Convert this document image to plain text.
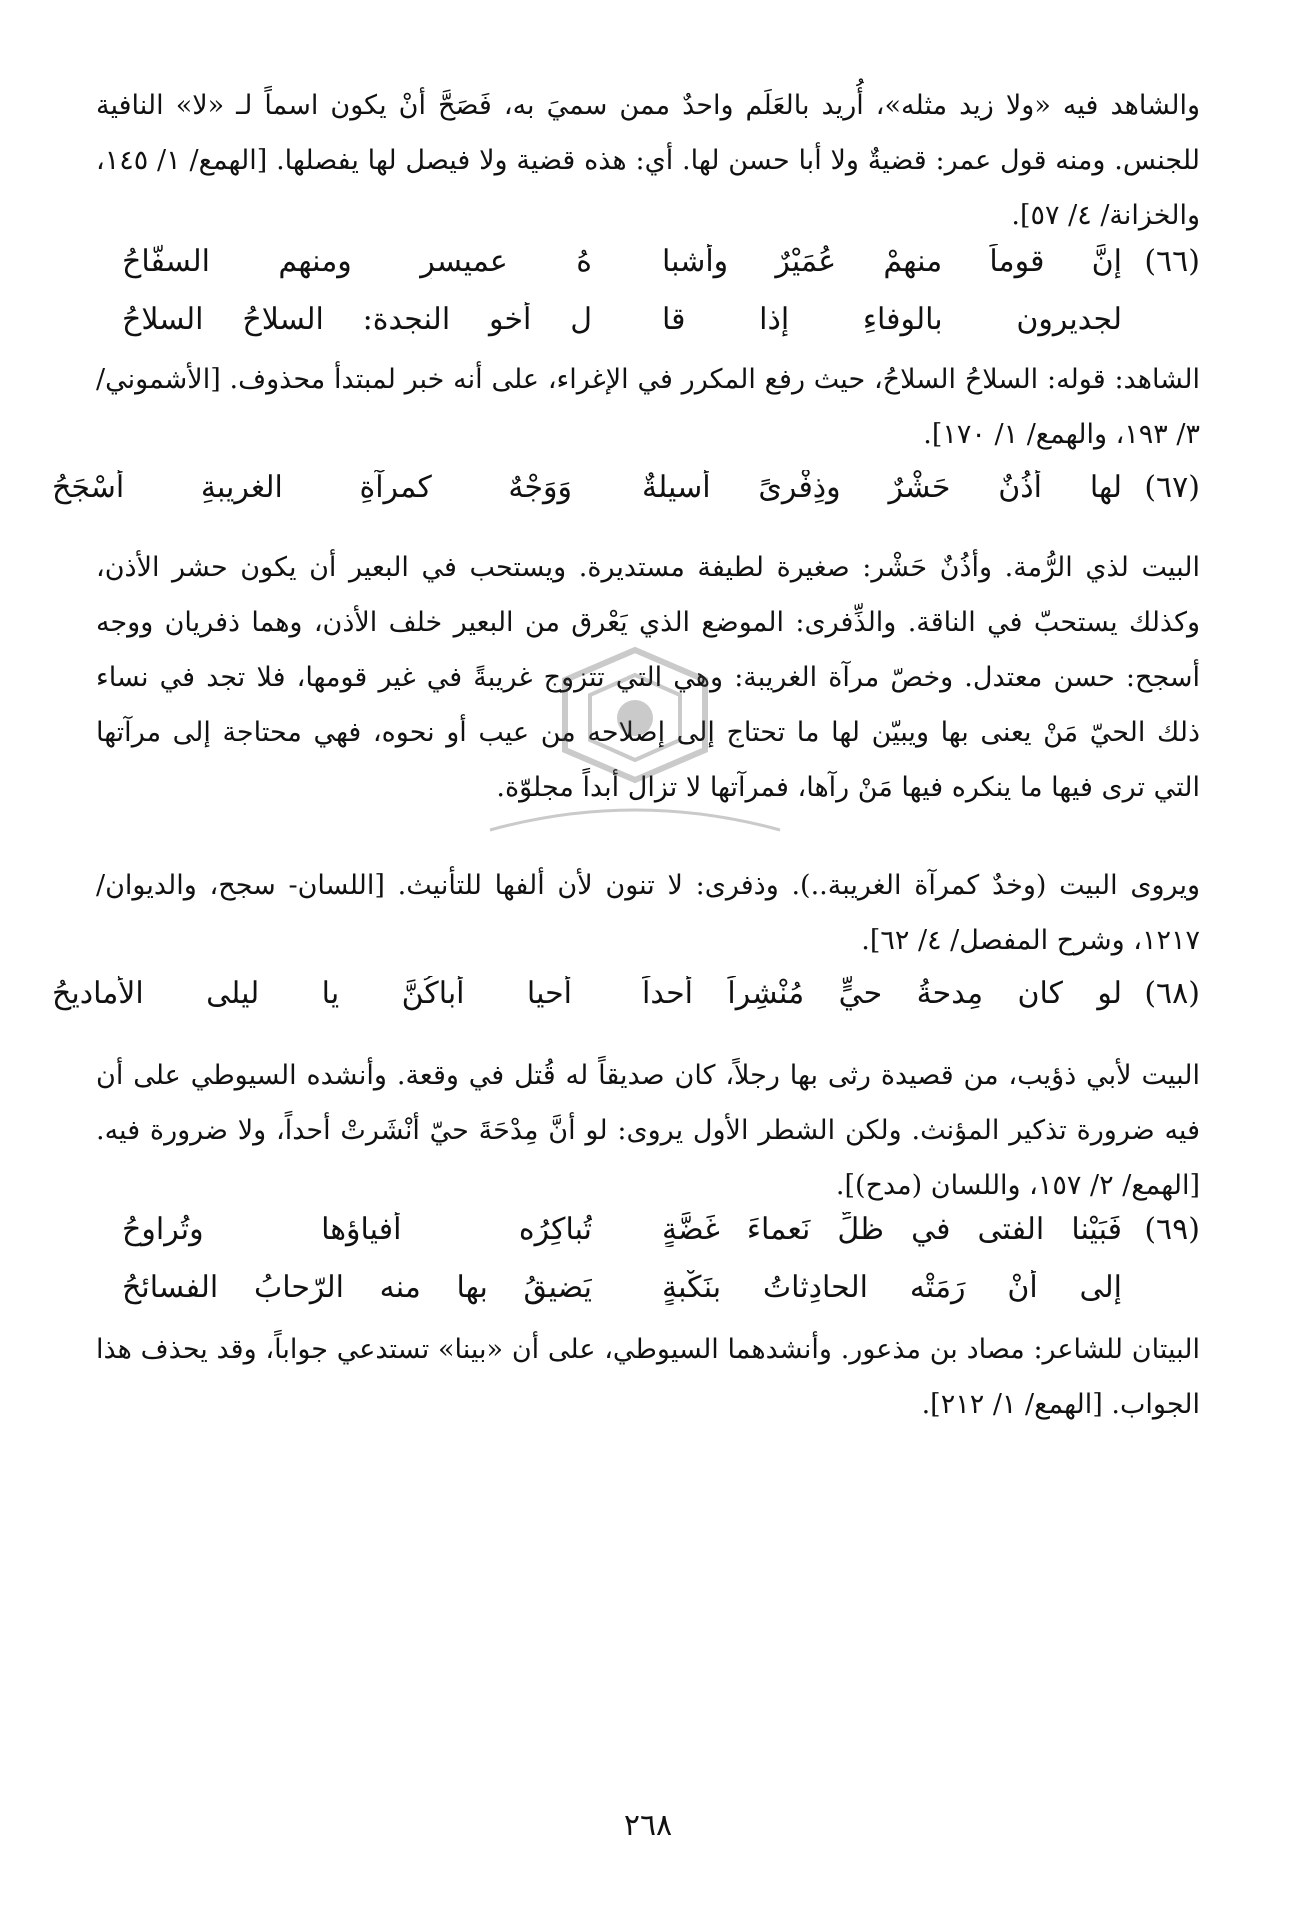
والشاهد فيه «ولا زيد مثله»، أُريد بالعَلَم واحدٌ ممن سميَ به، فَصَحَّ أنْ يكون اسماً لـ «لا» النافية للجنس. ومنه قول عمر: قضيةٌ ولا أبا حسن لها. أي: هذه قضية ولا فيصل لها يفصلها. [الهمع/ ١/ ١٤٥، والخزانة/ ٤/ ٥٧].

(٦٦)
إنَّ قوماً منهمْ عُمَيْرٌ وأشبا
هُ عميسرٍ ومنهم السفّاحُ
لجديرون بالوفاءِ إذا قا
ل أخو النجدة: السلاحُ السلاحُ

الشاهد: قوله: السلاحُ السلاحُ، حيث رفع المكرر في الإغراء، على أنه خبر لمبتدأ محذوف. [الأشموني/ ٣/ ١٩٣، والهمع/ ١/ ١٧٠].

(٦٧)
لها أُذُنٌ حَشْرٌ وذِفْرىً أَسيلةٌ
وَوَجْهٌ كمرآةِ الغريبةِ أسْجَحُ

البيت لذي الرُّمة. وأذُنٌ حَشْر: صغيرة لطيفة مستديرة. ويستحب في البعير أن يكون حشر الأذن، وكذلك يستحبّ في الناقة. والذِّفرى: الموضع الذي يَعْرق من البعير خلف الأذن، وهما ذفريان ووجه أسجح: حسن معتدل. وخصّ مرآة الغريبة: وهي التي تتزوج غريبةً في غير قومها، فلا تجد في نساء ذلك الحيّ مَنْ يعنى بها ويبيّن لها ما تحتاج إلى إصلاحه من عيب أو نحوه، فهي محتاجة إلى مرآتها التي ترى فيها ما ينكره فيها مَنْ رآها، فمرآتها لا تزال أبداً مجلوّة.

ويروى البيت (وخدٌ كمرآة الغريبة..). وذفرى: لا تنون لأن ألفها للتأنيث. [اللسان- سجح، والديوان/ ١٢١٧، وشرح المفصل/ ٤/ ٦٢].

(٦٨)
لو كان مِدحةُ حيٍّ مُنْشِراً أحداً
أحيا أباكُنَّ يا ليلى الأماديحُ

البيت لأبي ذؤيب، من قصيدة رثى بها رجلاً، كان صديقاً له قُتل في وقعة. وأنشده السيوطي على أن فيه ضرورة تذكير المؤنث. ولكن الشطر الأول يروى: لو أنَّ مِدْحَةَ حيّ أنْشَرتْ أحداً، ولا ضرورة فيه. [الهمع/ ٢/ ١٥٧، واللسان (مدح)].

(٦٩)
فَبَيْنا الفتى في ظلِّ نَعماءَ غَضَّةٍ
تُباكِرُه أفياؤها وتُراوِحُ
إلى أنْ رَمَتْه الحادِثاتُ بنَكْبةٍ
يَضيقُ بها منه الرّحابُ الفسائحُ

البيتان للشاعر: مصاد بن مذعور. وأنشدهما السيوطي، على أن «بينا» تستدعي جواباً، وقد يحذف هذا الجواب. [الهمع/ ١/ ٢١٢].

٢٦٨
